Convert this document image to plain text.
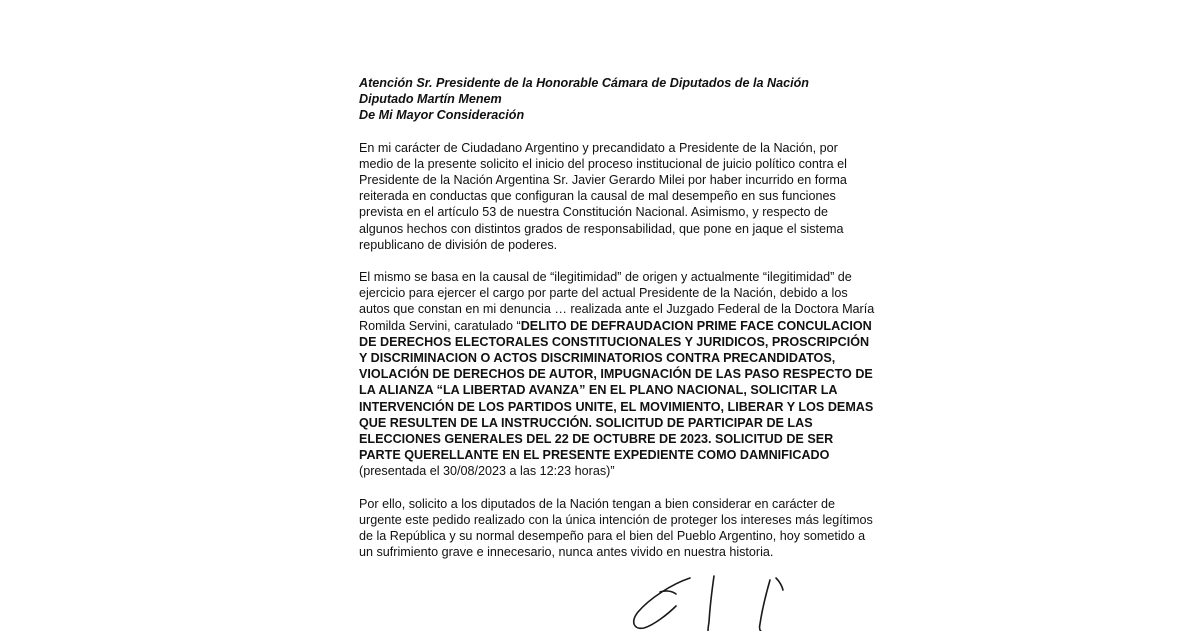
Atención Sr. Presidente de la Honorable Cámara de Diputados de la Nación
Diputado Martín Menem
De Mi Mayor Consideración

En mi carácter de Ciudadano Argentino y precandidato a Presidente de la Nación, por
medio de la presente solicito el inicio del proceso institucional de juicio político contra el
Presidente de la Nación Argentina Sr. Javier Gerardo Milei por haber incurrido en forma
reiterada en conductas que configuran la causal de mal desempeño en sus funciones
prevista en el artículo 53 de nuestra Constitución Nacional. Asimismo, y respecto de
algunos hechos con distintos grados de responsabilidad, que pone en jaque el sistema
republicano de división de poderes.

El mismo se basa en la causal de “ilegitimidad” de origen y actualmente “ilegitimidad” de
ejercicio para ejercer el cargo por parte del actual Presidente de la Nación, debido a los
autos que constan en mi denuncia … realizada ante el Juzgado Federal de la Doctora María
Romilda Servini, caratulado “DELITO DE DEFRAUDACION PRIME FACE CONCULACION
DE DERECHOS ELECTORALES CONSTITUCIONALES Y JURIDICOS, PROSCRIPCIÓN
Y DISCRIMINACION O ACTOS DISCRIMINATORIOS CONTRA PRECANDIDATOS,
VIOLACIÓN DE DERECHOS DE AUTOR, IMPUGNACIÓN DE LAS PASO RESPECTO DE
LA ALIANZA “LA LIBERTAD AVANZA” EN EL PLANO NACIONAL, SOLICITAR LA
INTERVENCIÓN DE LOS PARTIDOS UNITE, EL MOVIMIENTO, LIBERAR Y LOS DEMAS
QUE RESULTEN DE LA INSTRUCCIÓN. SOLICITUD DE PARTICIPAR DE LAS
ELECCIONES GENERALES DEL 22 DE OCTUBRE DE 2023. SOLICITUD DE SER
PARTE QUERELLANTE EN EL PRESENTE EXPEDIENTE COMO DAMNIFICADO
(presentada el 30/08/2023 a las 12:23 horas)”

Por ello, solicito a los diputados de la Nación tengan a bien considerar en carácter de
urgente este pedido realizado con la única intención de proteger los intereses más legítimos
de la República y su normal desempeño para el bien del Pueblo Argentino, hoy sometido a
un sufrimiento grave e innecesario, nunca antes vivido en nuestra historia.
